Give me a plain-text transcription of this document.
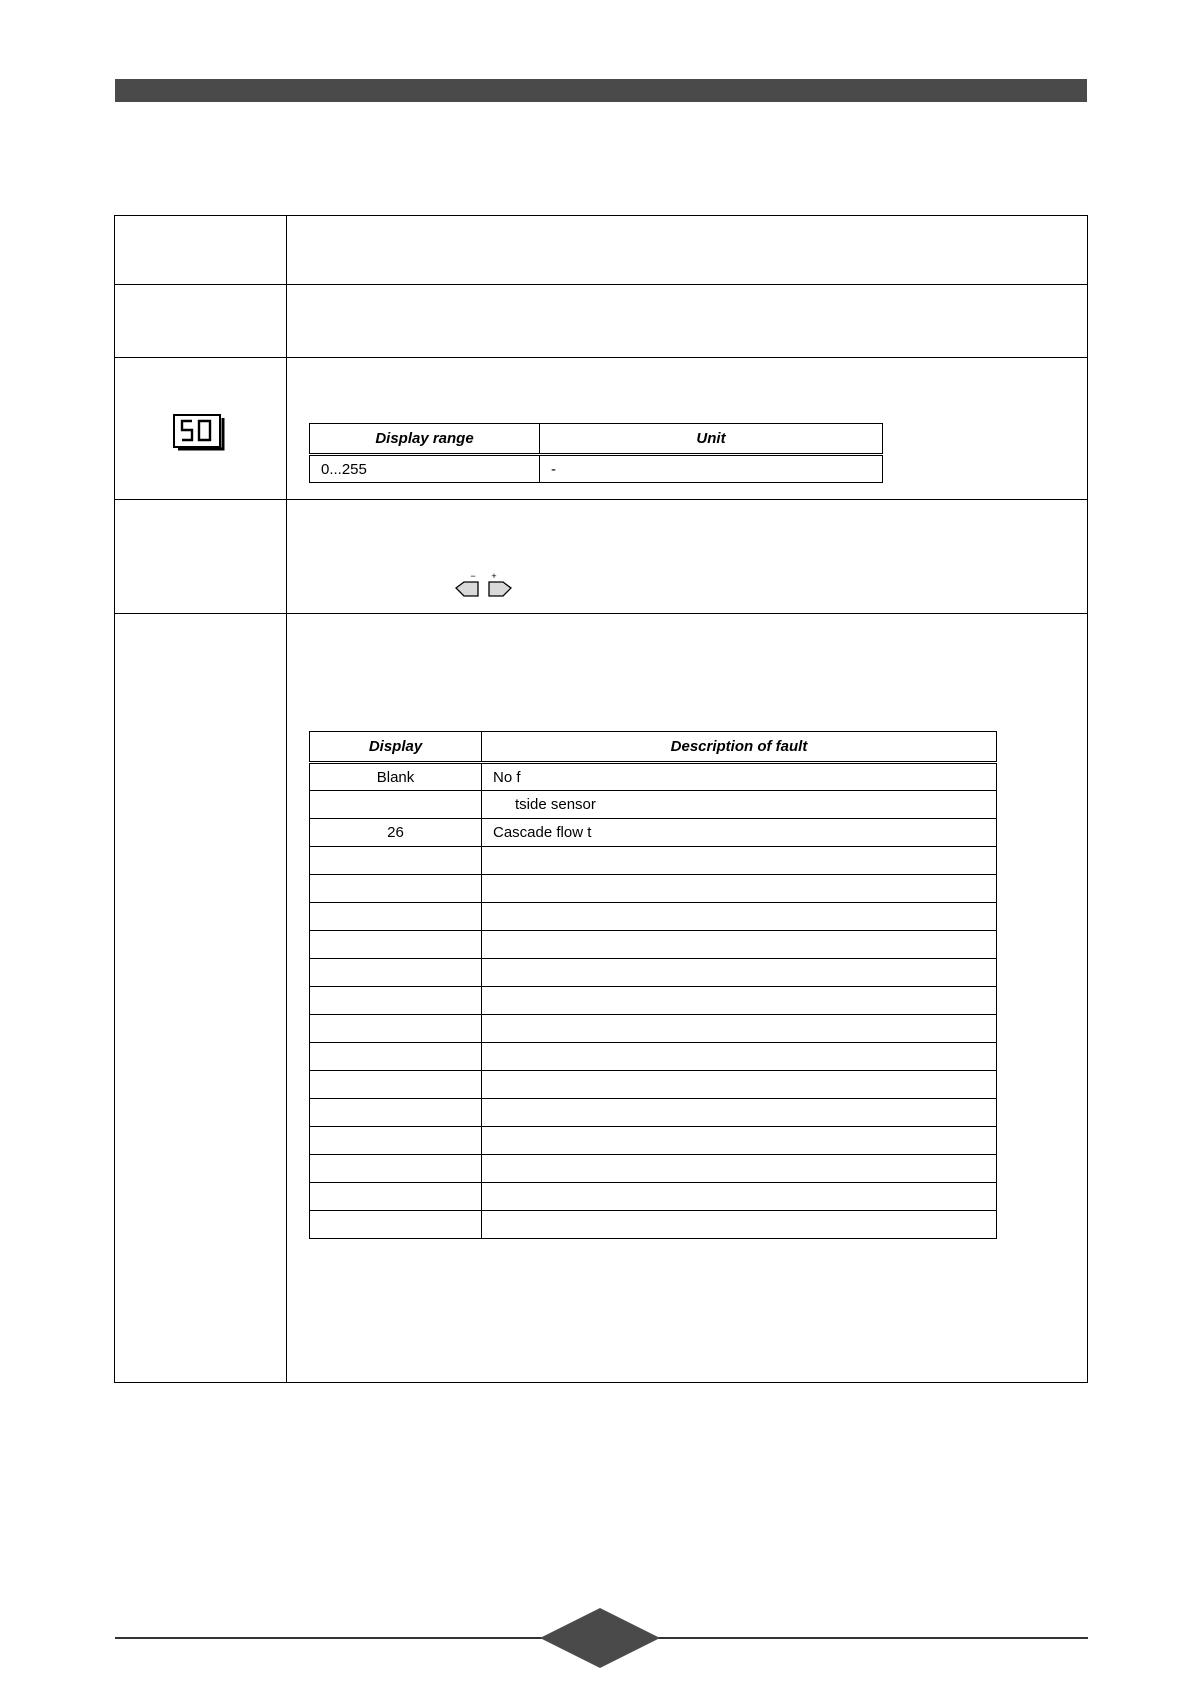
Display range	Unit
0...255	-
− +
Display	Description of fault
Blank	No f
	tside sensor
26	Cascade flow t
